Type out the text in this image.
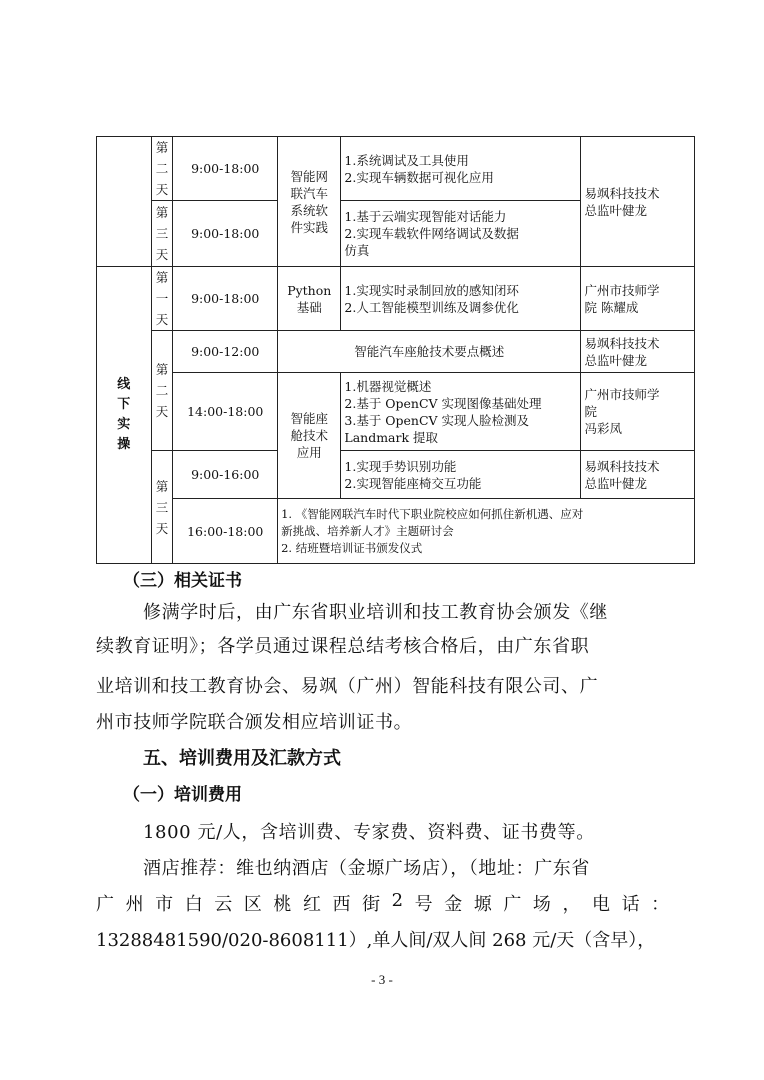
	第
二
天	9:00-18:00	智能网
联汽车
系统软
件实践	1.系统调试及工具使用
2.实现车辆数据可视化应用	易飒科技技术
总监叶健龙

	第
三
天	9:00-18:00		1.基于云端实现智能对话能力
2.实现车载软件网络调试及数据
仿真	

线
下
实
操	第
一
天	9:00-18:00	Python
基础	1.实现实时录制回放的感知闭环
2.人工智能模型训练及调参优化	广州市技师学
院 陈耀成

	第
二
天	9:00-12:00	智能汽车座舱技术要点概述		易飒科技技术
总监叶健龙

		14:00-18:00	智能座
舱技术
应用	1.机器视觉概述
2.基于 OpenCV 实现图像基础处理
3.基于 OpenCV 实现人脸检测及
Landmark 提取	广州市技师学
院
冯彩凤

	第
三
天	9:00-16:00		1.实现手势识别功能
2.实现智能座椅交互功能	易飒科技技术
总监叶健龙

		16:00-18:00	1. 《智能网联汽车时代下职业院校应如何抓住新机遇、应对
新挑战、培养新人才》主题研讨会
2. 结班暨培训证书颁发仪式		
（三）相关证书
修满学时后，由广东省职业培训和技工教育协会颁发《继
续教育证明》；各学员通过课程总结考核合格后，由广东省职
业培训和技工教育协会、易飒（广州）智能科技有限公司、广
州市技师学院联合颁发相应培训证书。
五、培训费用及汇款方式
（一）培训费用
1800 元/人，含培训费、专家费、资料费、证书费等。
酒店推荐：维也纳酒店（金塬广场店），（地址：广东省
广 州 市 白 云 区 桃 红 西 街 2 号 金 塬 广 场 ， 电 话 ：
13288481590/020-8608111）,单人间/双人间 268 元/天（含早），
- 3 -
